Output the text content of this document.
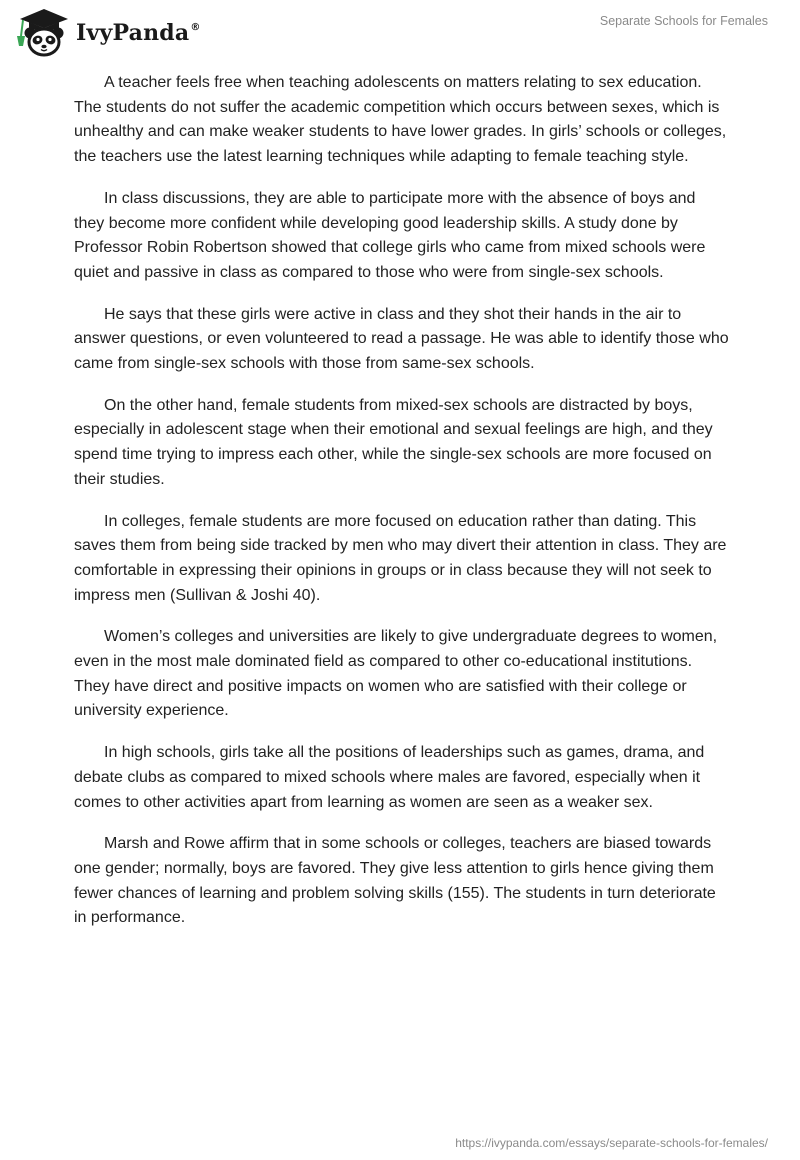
IvyPanda®	Separate Schools for Females

A teacher feels free when teaching adolescents on matters relating to sex education. The students do not suffer the academic competition which occurs between sexes, which is unhealthy and can make weaker students to have lower grades. In girls’ schools or colleges, the teachers use the latest learning techniques while adapting to female teaching style.

In class discussions, they are able to participate more with the absence of boys and they become more confident while developing good leadership skills. A study done by Professor Robin Robertson showed that college girls who came from mixed schools were quiet and passive in class as compared to those who were from single-sex schools.

He says that these girls were active in class and they shot their hands in the air to answer questions, or even volunteered to read a passage. He was able to identify those who came from single-sex schools with those from same-sex schools.

On the other hand, female students from mixed-sex schools are distracted by boys, especially in adolescent stage when their emotional and sexual feelings are high, and they spend time trying to impress each other, while the single-sex schools are more focused on their studies.

In colleges, female students are more focused on education rather than dating. This saves them from being side tracked by men who may divert their attention in class. They are comfortable in expressing their opinions in groups or in class because they will not seek to impress men (Sullivan & Joshi 40).

Women’s colleges and universities are likely to give undergraduate degrees to women, even in the most male dominated field as compared to other co-educational institutions. They have direct and positive impacts on women who are satisfied with their college or university experience.

In high schools, girls take all the positions of leaderships such as games, drama, and debate clubs as compared to mixed schools where males are favored, especially when it comes to other activities apart from learning as women are seen as a weaker sex.

Marsh and Rowe affirm that in some schools or colleges, teachers are biased towards one gender; normally, boys are favored. They give less attention to girls hence giving them fewer chances of learning and problem solving skills (155). The students in turn deteriorate in performance.

https://ivypanda.com/essays/separate-schools-for-females/
